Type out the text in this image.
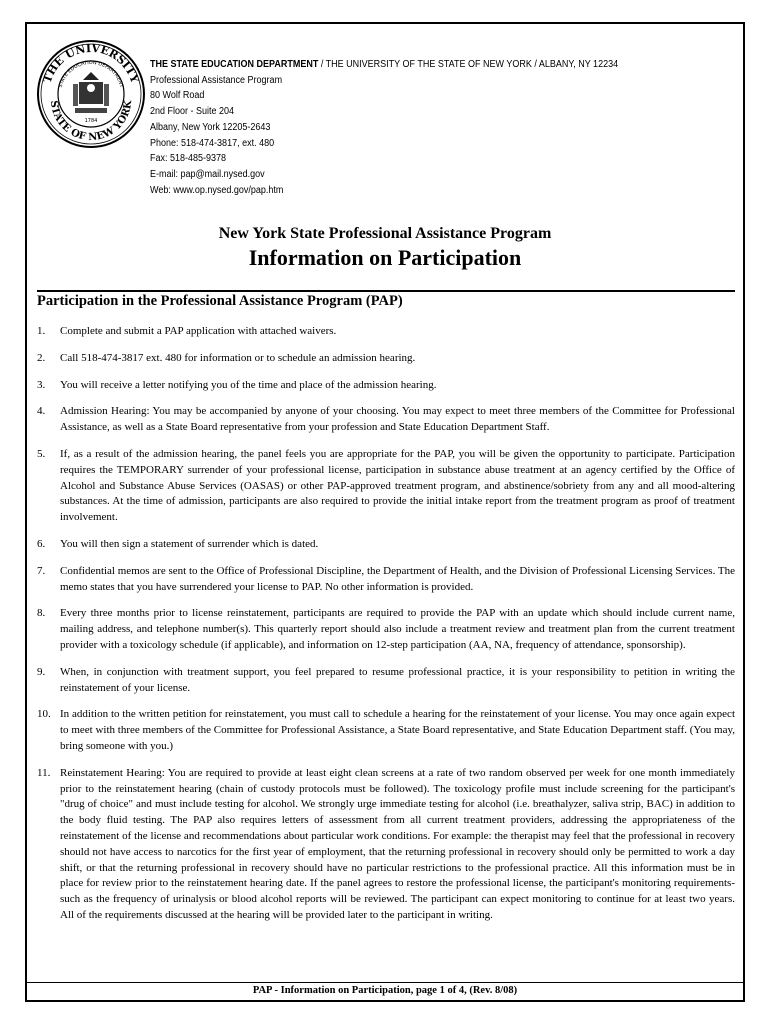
THE UNIVERSITY
STATE OF NEW YORK
STATE EDUCATION DEPARTMENT
1784
THE STATE EDUCATION DEPARTMENT / THE UNIVERSITY OF THE STATE OF NEW YORK / ALBANY, NY 12234
Professional Assistance Program
80 Wolf Road
2nd Floor - Suite 204
Albany, New York 12205-2643
Phone: 518-474-3817, ext. 480
Fax: 518-485-9378
E-mail: pap@mail.nysed.gov
Web: www.op.nysed.gov/pap.htm
New York State Professional Assistance Program
Information on Participation
Participation in the Professional Assistance Program (PAP)
1.	Complete and submit a PAP application with attached waivers.
2.	Call 518-474-3817 ext. 480 for information or to schedule an admission hearing.
3.	You will receive a letter notifying you of the time and place of the admission hearing.
4.	Admission Hearing: You may be accompanied by anyone of your choosing. You may expect to meet three members of the Committee for Professional Assistance, as well as a State Board representative from your profession and State Education Department Staff.
5.	If, as a result of the admission hearing, the panel feels you are appropriate for the PAP, you will be given the opportunity to participate. Participation requires the TEMPORARY surrender of your professional license, participation in substance abuse treatment at an agency certified by the Office of Alcohol and Substance Abuse Services (OASAS) or other PAP-approved treatment program, and abstinence/sobriety from any and all mood-altering substances. At the time of admission, participants are also required to provide the initial intake report from the treatment program as proof of treatment involvement.
6.	You will then sign a statement of surrender which is dated.
7.	Confidential memos are sent to the Office of Professional Discipline, the Department of Health, and the Division of Professional Licensing Services. The memo states that you have surrendered your license to PAP. No other information is provided.
8.	Every three months prior to license reinstatement, participants are required to provide the PAP with an update which should include current name, mailing address, and telephone number(s). This quarterly report should also include a treatment review and treatment plan from the current treatment provider with a toxicology schedule (if applicable), and information on 12-step participation (AA, NA, frequency of attendance, sponsorship).
9.	When, in conjunction with treatment support, you feel prepared to resume professional practice, it is your responsibility to petition in writing the reinstatement of your license.
10. In addition to the written petition for reinstatement, you must call to schedule a hearing for the reinstatement of your license. You may once again expect to meet with three members of the Committee for Professional Assistance, a State Board representative, and State Education Department staff. (You may, bring someone with you.)
11. Reinstatement Hearing: You are required to provide at least eight clean screens at a rate of two random observed per week for one month immediately prior to the reinstatement hearing (chain of custody protocols must be followed). The toxicology profile must include screening for the participant's "drug of choice" and must include testing for alcohol. We strongly urge immediate testing for alcohol (i.e. breathalyzer, saliva strip, BAC) in addition to the body fluid testing. The PAP also requires letters of assessment from all current treatment providers, addressing the appropriateness of the reinstatement of the license and recommendations about particular work conditions. For example: the therapist may feel that the professional in recovery should not have access to narcotics for the first year of employment, that the returning professional in recovery should only be permitted to work a day shift, or that the returning professional in recovery should have no particular restrictions to the professional practice. All this information must be in place for review prior to the reinstatement hearing date. If the panel agrees to restore the professional license, the participant's monitoring requirements- such as the frequency of urinalysis or blood alcohol reports will be reviewed. The participant can expect monitoring to continue for at least two years. All of the requirements discussed at the hearing will be provided later to the participant in writing.
PAP - Information on Participation, page 1 of 4, (Rev. 8/08)
